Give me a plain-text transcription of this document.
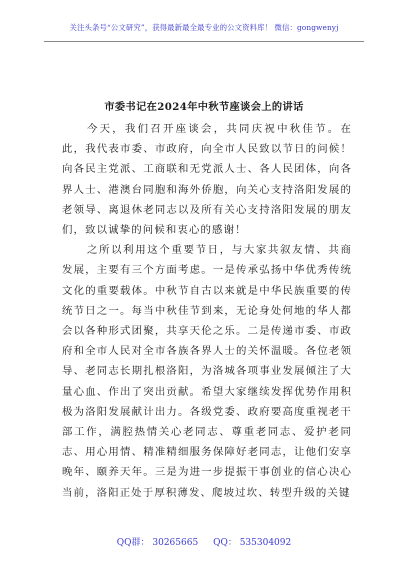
关注头条号“公文研究”，获得最新最全最专业的公文资料库！ 微信：gongwenyj
市委书记在2024年中秋节座谈会上的讲话

今天，我们召开座谈会，共同庆祝中秋佳节。在此，我代表市委、市政府，向全市人民致以节日的问候！向各民主党派、工商联和无党派人士、各人民团体，向各界人士、港澳台同胞和海外侨胞，向关心支持洛阳发展的老领导、离退休老同志以及所有关心支持洛阳发展的朋友们，致以诚挚的问候和衷心的感谢！

之所以利用这个重要节日，与大家共叙友情、共商发展，主要有三个方面考虑。一是传承弘扬中华优秀传统文化的重要载体。中秋节自古以来就是中华民族重要的传统节日之一。每当中秋佳节到来，无论身处何地的华人都会以各种形式团聚，共享天伦之乐。二是传递市委、市政府和全市人民对全市各族各界人士的关怀温暖。各位老领导、老同志长期扎根洛阳，为洛城各项事业发展倾注了大量心血、作出了突出贡献。希望大家继续发挥优势作用积极为洛阳发展献计出力。各级党委、政府要高度重视老干部工作，满腔热情关心老同志、尊重老同志、爱护老同志、用心用情、精准精细服务保障好老同志，让他们安享晚年、颐养天年。三是为进一步提振干事创业的信心决心当前，洛阳正处于厚积薄发、爬坡过坎、转型升级的关键

QQ群： 30265665 QQ： 535304092
